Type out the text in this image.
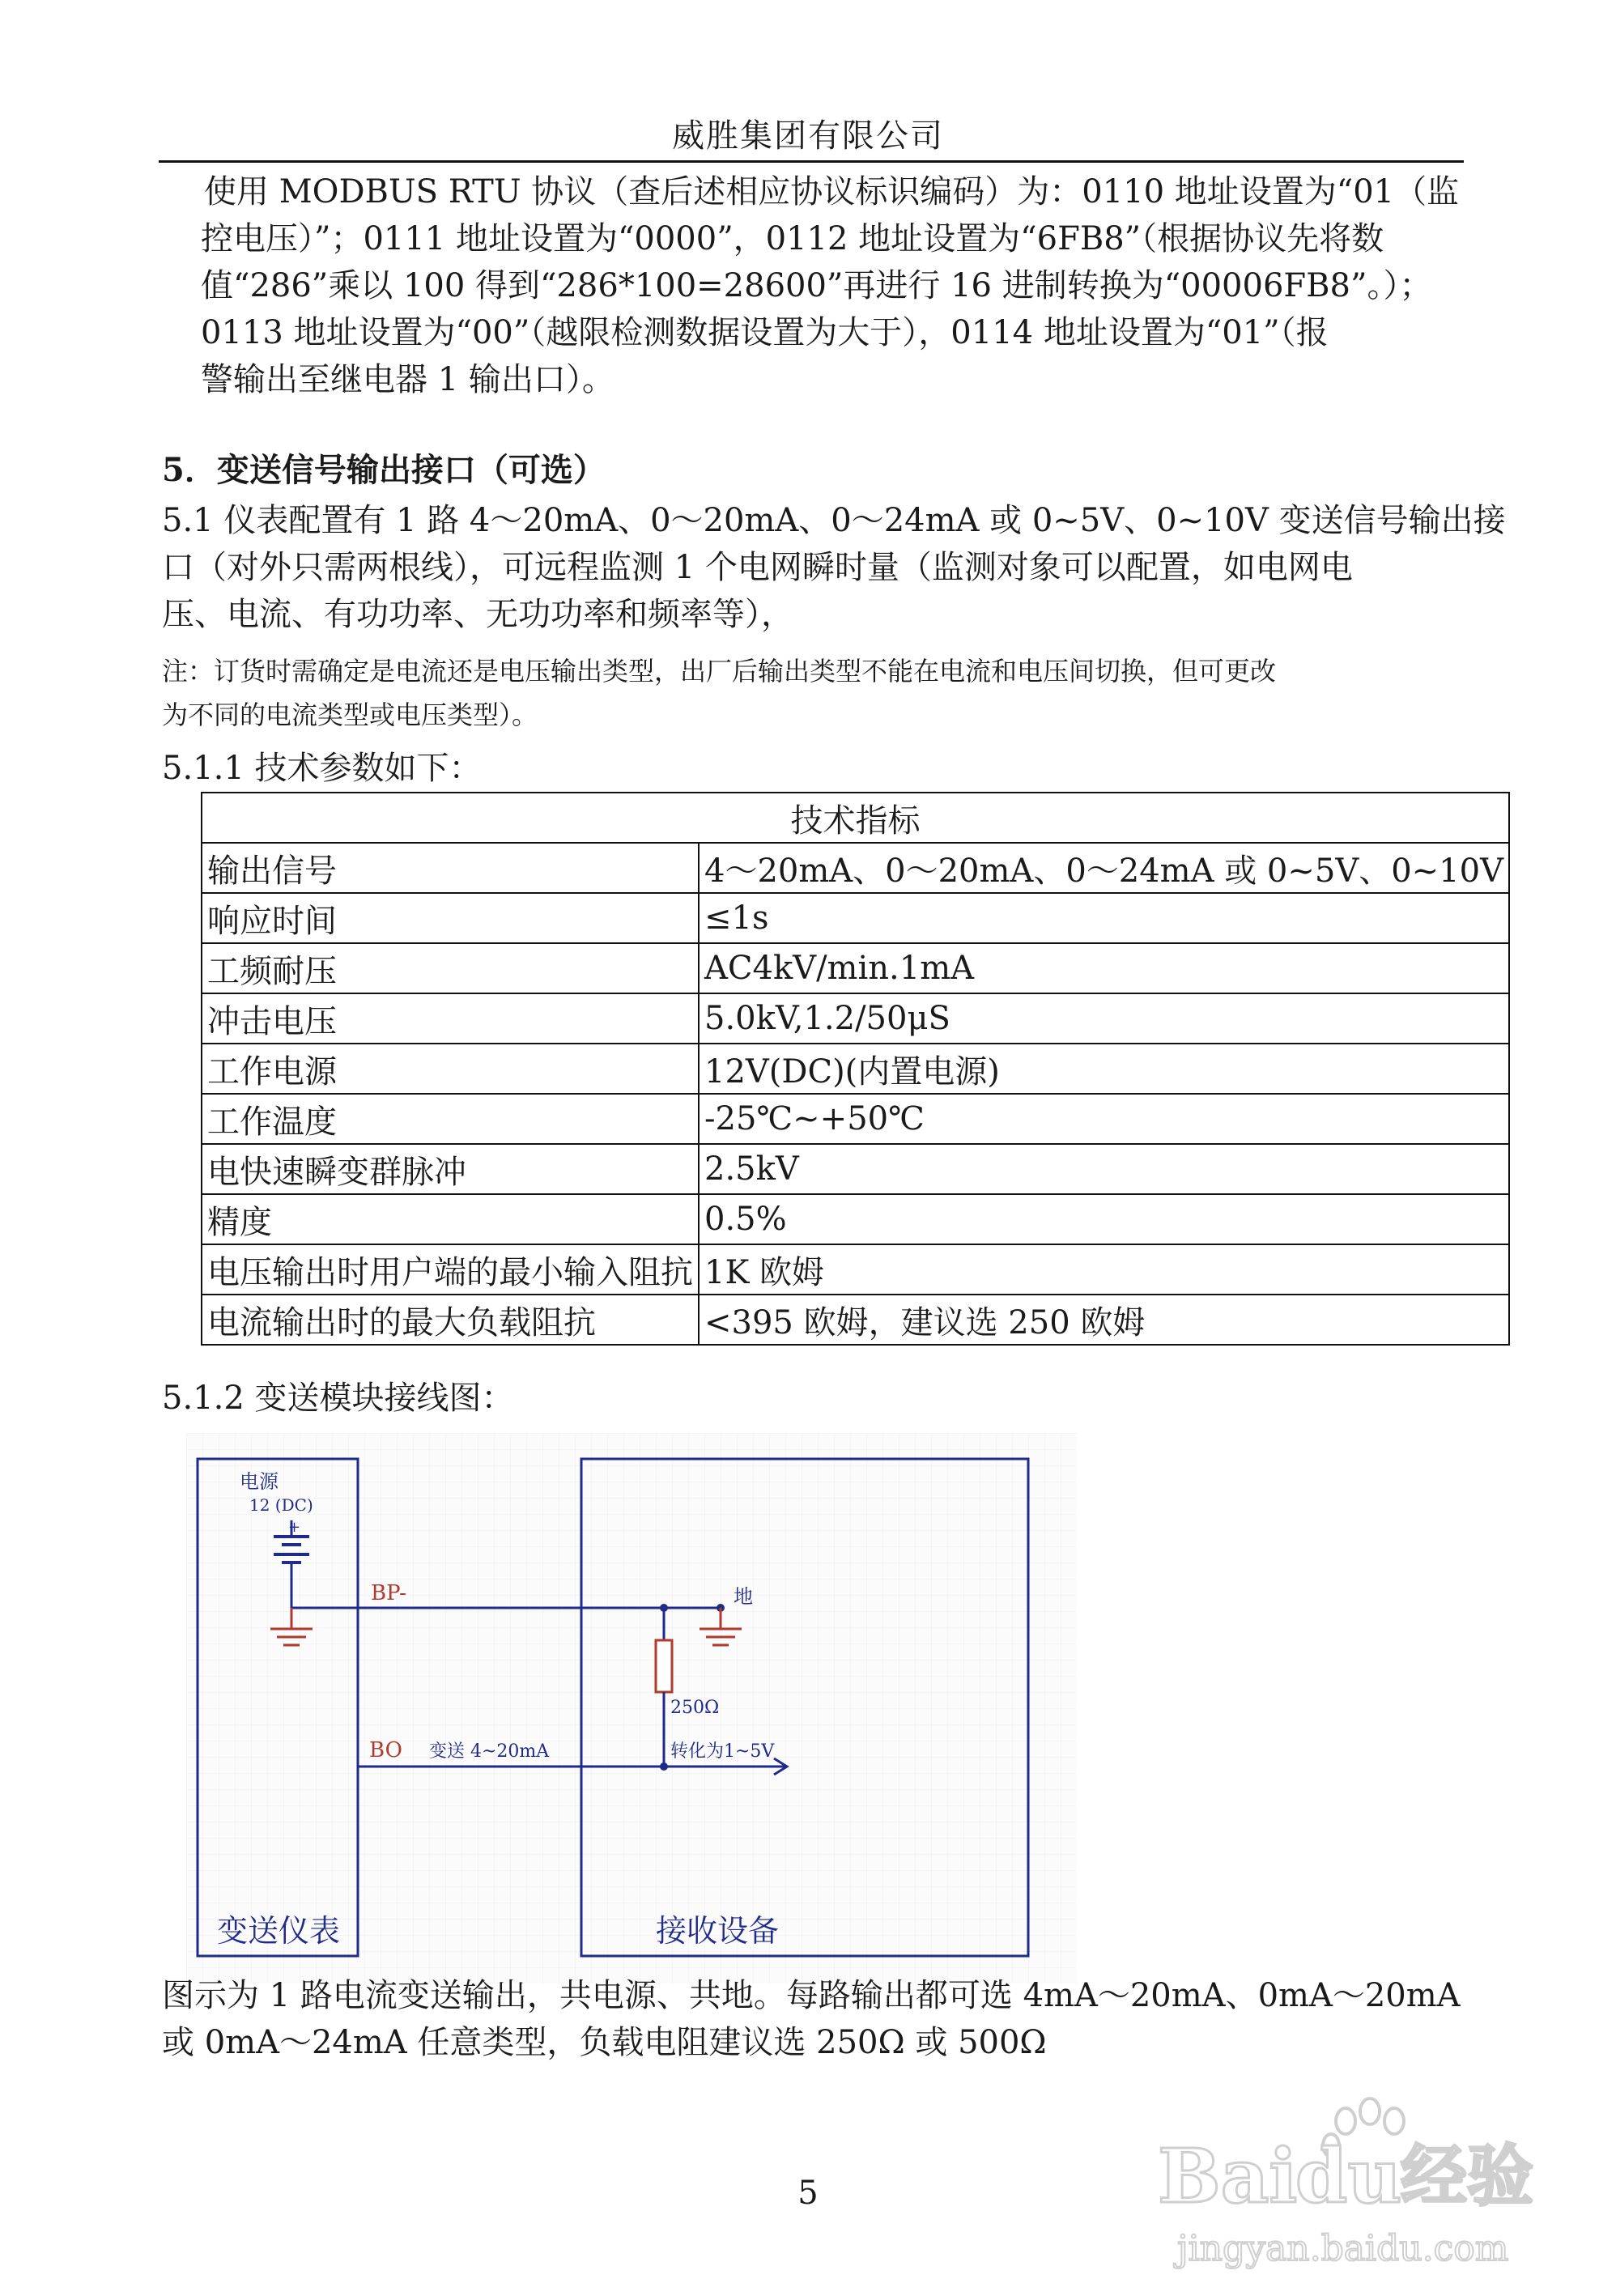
威胜集团有限公司
使用 MODBUS RTU 协议（查后述相应协议标识编码）为：0110 地址设置为“01（监
控电压）”；0111 地址设置为“0000”，0112 地址设置为“6FB8”（根据协议先将数
值“286”乘以 100 得到“286*100=28600”再进行 16 进制转换为“00006FB8”。）；
0113 地址设置为“00”（越限检测数据设置为大于），0114 地址设置为“01”（报
警输出至继电器 1 输出口）。
5．变送信号输出接口（可选）
5.1 仪表配置有 1 路 4～20mA、0～20mA、0～24mA 或 0~5V、0~10V 变送信号输出接
口（对外只需两根线），可远程监测 1 个电网瞬时量（监测对象可以配置，如电网电
压、电流、有功功率、无功功率和频率等），
注：订货时需确定是电流还是电压输出类型，出厂后输出类型不能在电流和电压间切换，但可更改
为不同的电流类型或电压类型）。
5.1.1 技术参数如下：
技术指标	
输出信号	4～20mA、0～20mA、0～24mA 或 0~5V、0~10V
响应时间	≤1s
工频耐压	AC4kV/min.1mA
冲击电压	5.0kV,1.2/50μS
工作电源	12V(DC)(内置电源)
工作温度	-25℃~+50℃
电快速瞬变群脉冲	2.5kV
精度	0.5%
电压输出时用户端的最小输入阻抗	1K 欧姆
电流输出时的最大负载阻抗	<395 欧姆，建议选 250 欧姆
5.1.2 变送模块接线图：
电源
12 (DC)
+
BP-	地
250Ω
BO 变送 4~20mA	转化为1~5V
变送仪表	接收设备
图示为 1 路电流变送输出，共电源、共地。每路输出都可选 4mA～20mA、0mA～20mA
或 0mA～24mA 任意类型，负载电阻建议选 250Ω 或 500Ω
5	Bai
du
经验
jingyan.baidu.com
